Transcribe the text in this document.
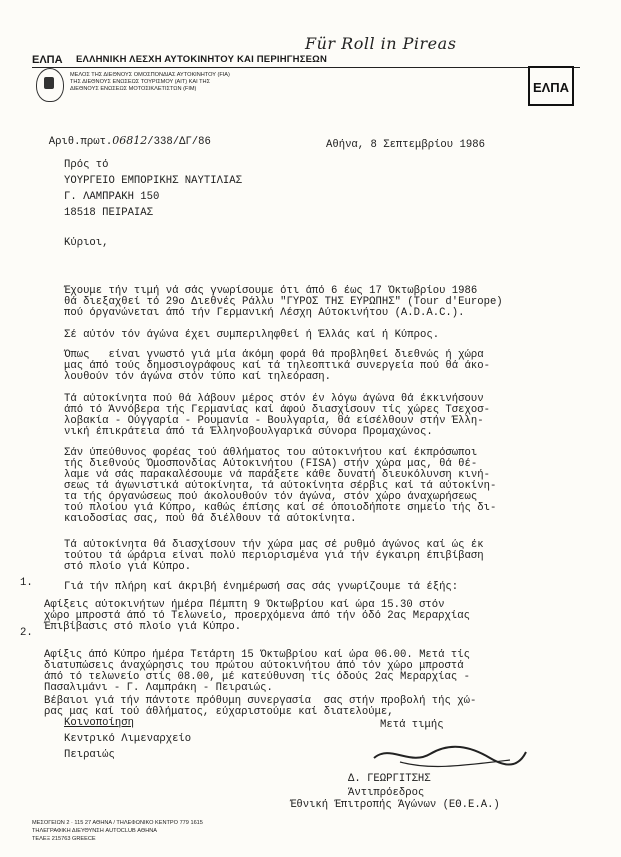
Für Roll in Pireas
ΕΛΠΑ ΕΛΛΗΝΙΚΗ ΛΕΣΧΗ ΑΥΤΟΚΙΝΗΤΟΥ ΚΑΙ ΠΕΡΙΗΓΗΣΕΩΝ
ΜΕΛΟΣ ΤΗΣ ΔΙΕΘΝΟΥΣ ΟΜΟΣΠΟΝΔΙΑΣ ΑΥΤΟΚΙΝΗΤΟΥ (FIA)
ΤΗΣ ΔΙΕΘΝΟΥΣ ΕΝΩΣΕΩΣ ΤΟΥΡΙΣΜΟΥ (AIT) ΚΑΙ ΤΗΣ
ΔΙΕΘΝΟΥΣ ΕΝΩΣΕΩΣ ΜΟΤΟΣΙΚΛΕΤΙΣΤΩΝ (FIM)	ΕΛΠΑ

Αριθ.πρωτ.06812/338/ΔΓ/86	Αθήνα, 8 Σεπτεμβρίου 1986
Πρός τό
ΥΟΥΡΓΕΙΟ ΕΜΠΟΡΙΚΗΣ ΝΑΥΤΙΛΙΑΣ
Γ. ΛΑΜΠΡΑΚΗ 150
18518 ΠΕΙΡΑΙΑΣ
Κύριοι,

Έχουμε τήν τιμή νά σάς γνωρίσουμε ότι άπό 6 έως 17 Όκτωβρίου 1986

θά διεξαχθεί τό 29ο Διεθνές Ράλλυ "ΓΥΡΟΣ ΤΗΣ ΕΥΡΩΠΗΣ" (Tour d'Europe)

πού όργανώνεται άπό τήν Γερμανική Λέσχη Αύτοκινήτου (A.D.A.C.).

Σέ αύτόν τόν άγώνα έχει συμπεριληφθεί ή Έλλάς καί ή Κύπρος.

Όπως   είναι γνωστό γιά μία άκόμη φορά θά προβληθεί διεθνώς ή χώρα

μας άπό τούς δημοσιογράφους καί τά τηλεοπτικά συνεργεία πού θά άκο-

λουθούν τόν άγώνα στόν τύπο καί τηλεόραση.

Τά αύτοκίνητα πού θά λάβουν μέρος στόν έν λόγω άγώνα θά έκκινήσουν

άπό τό Άννόβερα τής Γερμανίας καί άφού διασχίσουν τίς χώρες Τσεχοσ-

λοβακία - Ούγγαρία - Ρουμανία - Βουλγαρία, θά είσέλθουν στήν Έλλη-

νική έπικράτεια άπό τά Έλληνοβουλγαρικά σύνορα Προμαχώνος.

Σάν ύπεύθυνος φορέας τού άθλήματος του αύτοκινήτου καί έκπρόσωποι

τής διεθνούς Όμοσπονδίας Αύτοκινήτου (FISA) στήν χώρα μας, θά θέ-

λαμε νά σάς παρακαλέσουμε νά παράξετε κάθε δυνατή διευκόλυνση κινή-

σεως τά άγωνιστικά αύτοκίνητα, τά αύτοκίνητα σέρβις καί τά αύτοκίνη-

τα τής όργανώσεως πού άκολουθούν τόν άγώνα, στόν χώρο άναχωρήσεως

τού πλοίου γιά Κύπρο, καθώς έπίσης καί σέ όποιοδήποτε σημείο τής δι-

καιοδοσίας σας, πού θά διέλθουν τά αύτοκίνητα.

Τά αύτοκίνητα θά διασχίσουν τήν χώρα μας σέ ρυθμό άγώνος καί ώς έκ

τούτου τά ώράρια είναι πολύ περιορισμένα γιά τήν έγκαιρη έπιβίβαση

στό πλοίο γιά Κύπρο.

Γιά τήν πλήρη καί άκριβή ένημέρωσή σας σάς γνωρίζουμε τά έξής:

1.

Αφίξεις αύτοκινήτων ήμέρα Πέμπτη 9 Όκτωβρίου καί ώρα 15.30 στόν

χώρο μπροστά άπό τό Τελωνείο, προερχόμενα άπό τήν όδό 2ας Μεραρχίας

Έπιβίβασις στό πλοίο γιά Κύπρο.

2.

Αφίξις άπό Κύπρο ήμέρα Τετάρτη 15 Όκτωβρίου καί ώρα 06.00. Μετά τίς

διατυπώσεις άναχώρησις του πρώτου αύτοκινήτου άπό τόν χώρο μπροστά

άπό τό τελωνείο στίς 08.00, μέ κατεύθυνση τίς όδούς 2ας Μεραρχίας -

Πασαλιμάνι - Γ. Λαμπράκη - Πειραιώς.

Βέβαιοι γιά τήν πάντοτε πρόθυμη συνεργασία  σας στήν προβολή τής χώ-

ρας μας καί τού άθλήματος, εύχαριστούμε καί διατελούμε,

Κοινοποίηση
Κεντρικό Λιμεναρχείο
Πειραιώς
Μετά τιμής
Δ. ΓΕΩΡΓΙΤΣΗΣ
Άντιπρόεδρος
Έθνική Έπιτροπής Άγώνων (ΕΘ.Ε.Α.)
ΜΕΣΟΓΕΙΩΝ 2 · 115 27 ΑΘΗΝΑ / ΤΗΛΕΦΩΝΙΚΟ ΚΕΝΤΡΟ 779 1615
ΤΗΛΕΓΡΑΦΙΚΗ ΔΙΕΥΘΥΝΣΗ AUTOCLUB ΑΘΗΝΑ
ΤΕΛΕΞ 215763 GREECE
